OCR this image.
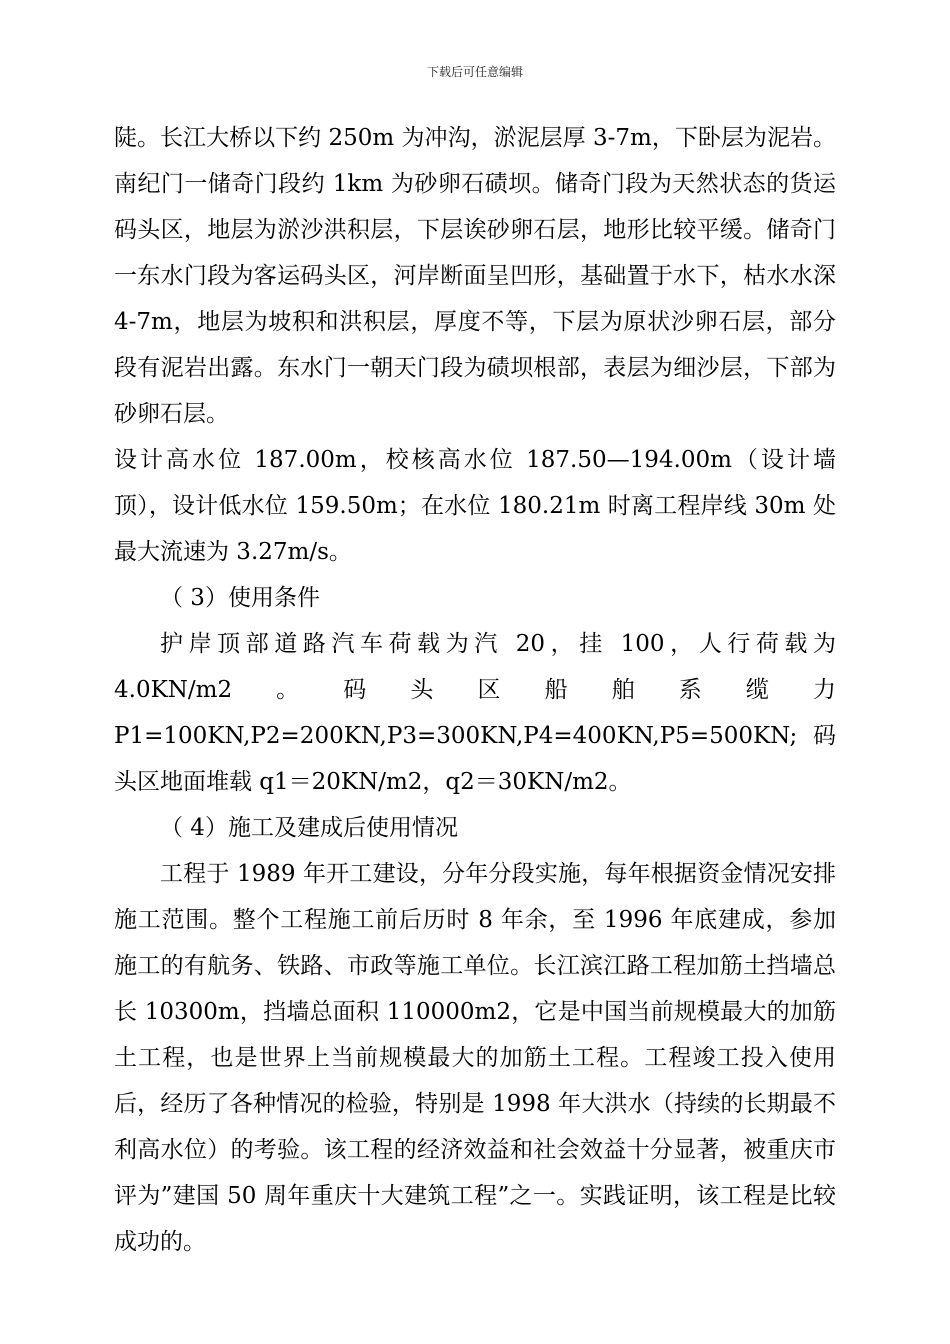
下载后可任意编辑

陡。长江大桥以下约 250m 为冲沟，淤泥层厚 3-7m，下卧层为泥岩。南纪门一储奇门段约 1km 为砂卵石碛坝。储奇门段为天然状态的货运码头区，地层为淤沙洪积层，下层诶砂卵石层，地形比较平缓。储奇门一东水门段为客运码头区，河岸断面呈凹形，基础置于水下，枯水水深 4-7m，地层为坡积和洪积层，厚度不等，下层为原状沙卵石层，部分段有泥岩出露。东水门一朝天门段为碛坝根部，表层为细沙层，下部为砂卵石层。

设计高水位 187.00m，校核高水位 187.50—194.00m（设计墙顶），设计低水位 159.50m；在水位 180.21m 时离工程岸线 30m 处最大流速为 3.27m/s。

（ 3）使用条件

护岸顶部道路汽车荷载为汽 20，挂 100，人行荷载为 4.0KN/m2。码头区船舶系缆力 P1=100KN,P2=200KN,P3=300KN,P4=400KN,P5=500KN;码头区地面堆载 q1＝20KN/m2，q2＝30KN/m2。

（ 4）施工及建成后使用情况

工程于 1989 年开工建设，分年分段实施，每年根据资金情况安排施工范围。整个工程施工前后历时 8 年余，至 1996 年底建成，参加施工的有航务、铁路、市政等施工单位。长江滨江路工程加筋土挡墙总长 10300m，挡墙总面积 110000m2，它是中国当前规模最大的加筋土工程，也是世界上当前规模最大的加筋土工程。工程竣工投入使用后，经历了各种情况的检验，特别是 1998 年大洪水（持续的长期最不利高水位）的考验。该工程的经济效益和社会效益十分显著，被重庆市评为”建国 50 周年重庆十大建筑工程”之一。实践证明，该工程是比较成功的。
